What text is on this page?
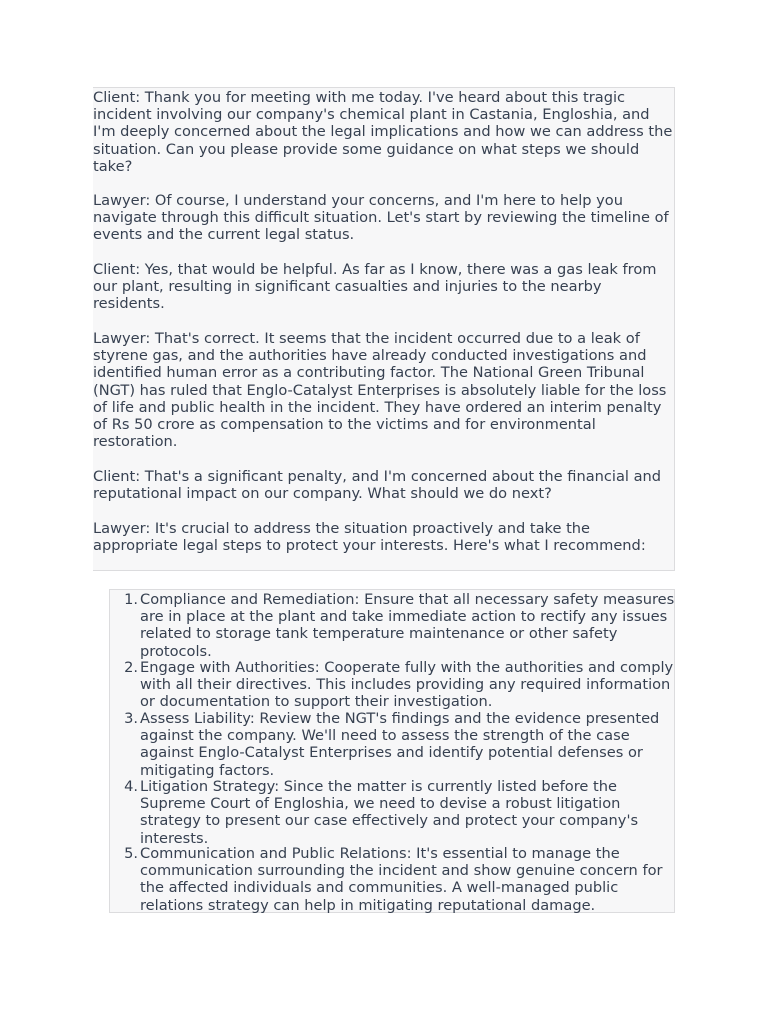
Client: Thank you for meeting with me today. I've heard about this tragic incident involving our company's chemical plant in Castania, Engloshia, and I'm deeply concerned about the legal implications and how we can address the situation. Can you please provide some guidance on what steps we should take?

Lawyer: Of course, I understand your concerns, and I'm here to help you navigate through this difficult situation. Let's start by reviewing the timeline of events and the current legal status.

Client: Yes, that would be helpful. As far as I know, there was a gas leak from our plant, resulting in significant casualties and injuries to the nearby residents.

Lawyer: That's correct. It seems that the incident occurred due to a leak of styrene gas, and the authorities have already conducted investigations and identified human error as a contributing factor. The National Green Tribunal (NGT) has ruled that Englo-Catalyst Enterprises is absolutely liable for the loss of life and public health in the incident. They have ordered an interim penalty of Rs 50 crore as compensation to the victims and for environmental restoration.

Client: That's a significant penalty, and I'm concerned about the financial and reputational impact on our company. What should we do next?

Lawyer: It's crucial to address the situation proactively and take the appropriate legal steps to protect your interests. Here's what I recommend:

1. Compliance and Remediation: Ensure that all necessary safety measures are in place at the plant and take immediate action to rectify any issues related to storage tank temperature maintenance or other safety protocols.
2. Engage with Authorities: Cooperate fully with the authorities and comply with all their directives. This includes providing any required information or documentation to support their investigation.
3. Assess Liability: Review the NGT's findings and the evidence presented against the company. We'll need to assess the strength of the case against Englo-Catalyst Enterprises and identify potential defenses or mitigating factors.
4. Litigation Strategy: Since the matter is currently listed before the Supreme Court of Engloshia, we need to devise a robust litigation strategy to present our case effectively and protect your company's interests.
5. Communication and Public Relations: It's essential to manage the communication surrounding the incident and show genuine concern for the affected individuals and communities. A well-managed public relations strategy can help in mitigating reputational damage.
